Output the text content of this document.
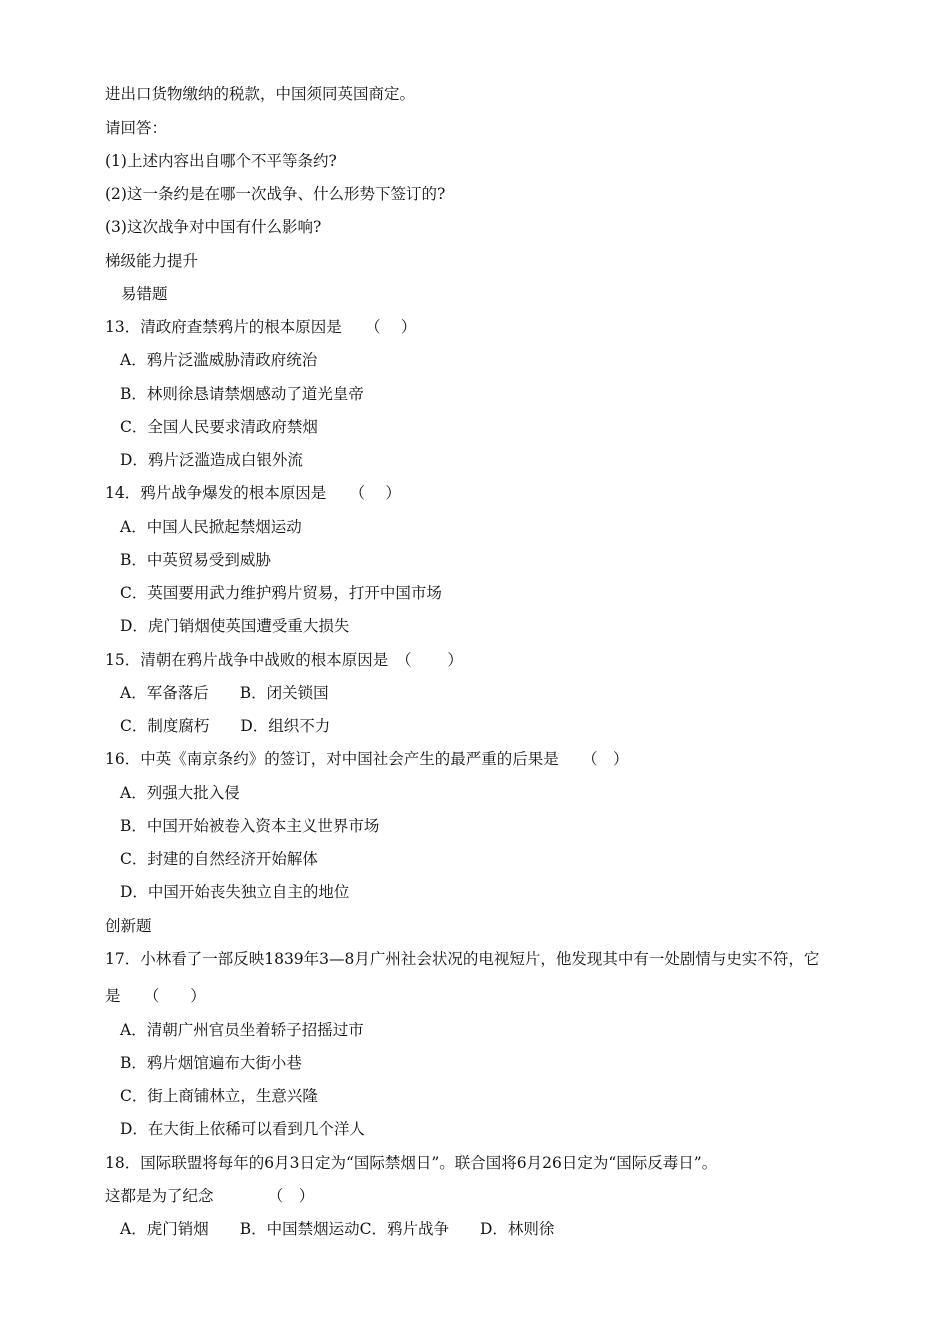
进出口货物缴纳的税款，中国须同英国商定。
请回答：
(1)上述内容出自哪个不平等条约?
(2)这一条约是在哪一次战争、什么形势下签订的?
(3)这次战争对中国有什么影响?
梯级能力提升
易错题
13．清政府查禁鸦片的根本原因是　　（　 ）
A．鸦片泛滥威胁清政府统治
B．林则徐恳请禁烟感动了道光皇帝
C．全国人民要求清政府禁烟
D．鸦片泛滥造成白银外流
14．鸦片战争爆发的根本原因是　　（　 ）
A．中国人民掀起禁烟运动
B．中英贸易受到威胁
C．英国要用武力维护鸦片贸易，打开中国市场
D．虎门销烟使英国遭受重大损失
15．清朝在鸦片战争中战败的根本原因是　（　　 ）
A．军备落后　　B．闭关锁国
C．制度腐朽　　D．组织不力
16．中英《南京条约》的签订，对中国社会产生的最严重的后果是　　（　）
A．列强大批入侵
B．中国开始被卷入资本主义世界市场
C．封建的自然经济开始解体
D．中国开始丧失独立自主的地位
创新题
17．小林看了一部反映1839年3—8月广州社会状况的电视短片，他发现其中有一处剧情与史实不符，它
是　　（　　）
A．清朝广州官员坐着轿子招摇过市
B．鸦片烟馆遍布大街小巷
C．街上商铺林立，生意兴隆
D．在大街上依稀可以看到几个洋人
18．国际联盟将每年的6月3日定为“国际禁烟日”。联合国将6月26日定为“国际反毒日”。
这都是为了纪念　　　　（　）
A．虎门销烟　　B．中国禁烟运动C．鸦片战争　　D．林则徐
